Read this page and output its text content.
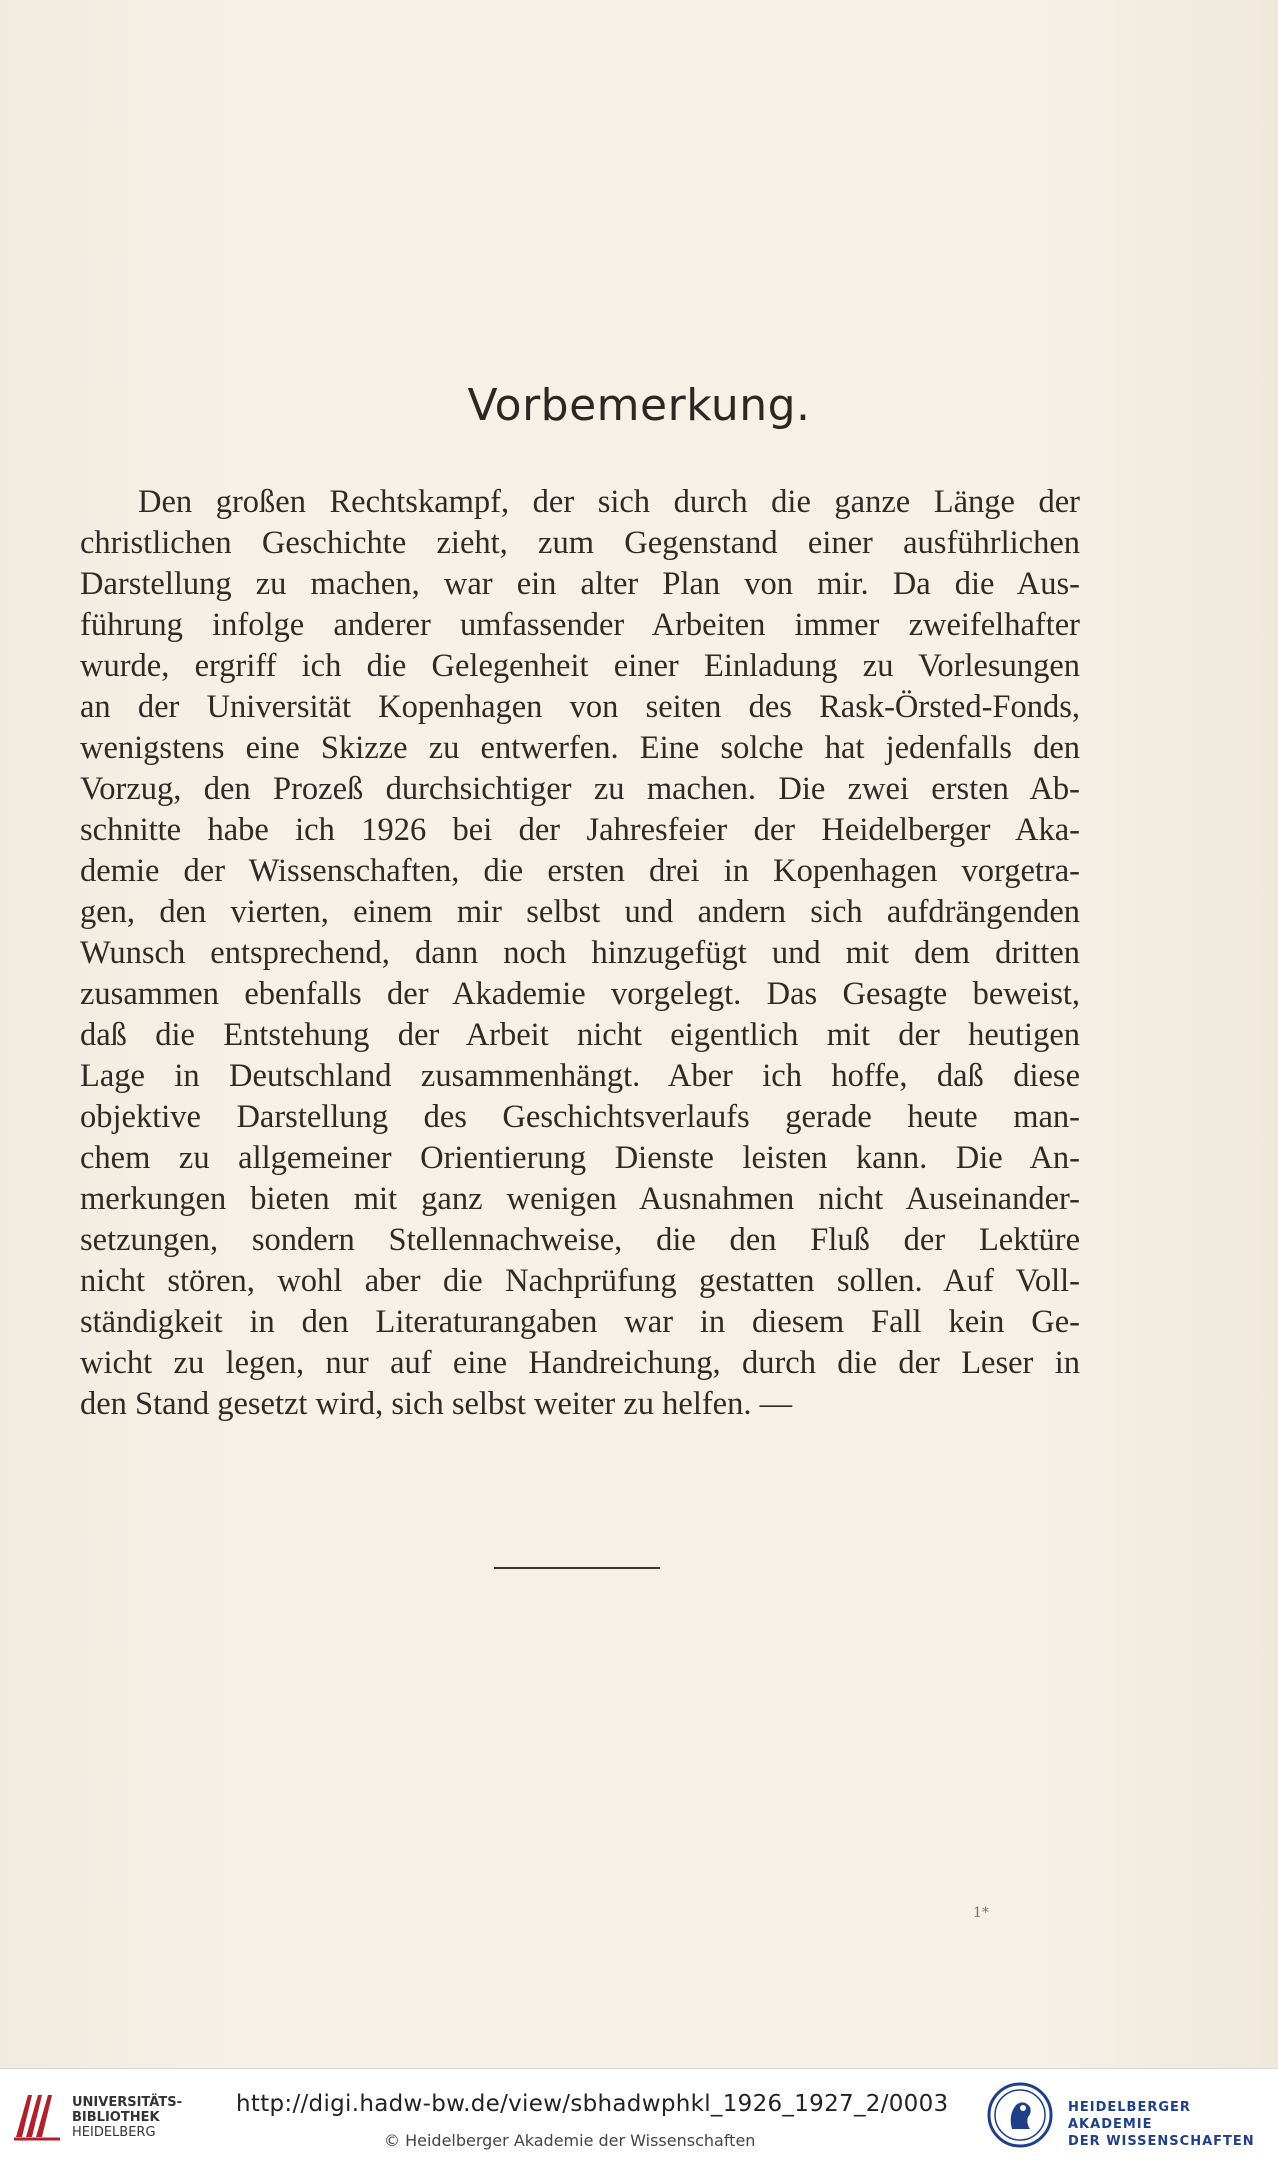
Vorbemerkung.
Den großen Rechtskampf, der sich durch die ganze Länge der
christlichen Geschichte zieht, zum Gegenstand einer ausführlichen
Darstellung zu machen, war ein alter Plan von mir. Da die Aus-
führung infolge anderer umfassender Arbeiten immer zweifelhafter
wurde, ergriff ich die Gelegenheit einer Einladung zu Vorlesungen
an der Universität Kopenhagen von seiten des Rask-Örsted-Fonds,
wenigstens eine Skizze zu entwerfen. Eine solche hat jedenfalls den
Vorzug, den Prozeß durchsichtiger zu machen. Die zwei ersten Ab-
schnitte habe ich 1926 bei der Jahresfeier der Heidelberger Aka-
demie der Wissenschaften, die ersten drei in Kopenhagen vorgetra-
gen, den vierten, einem mir selbst und andern sich aufdrängenden
Wunsch entsprechend, dann noch hinzugefügt und mit dem dritten
zusammen ebenfalls der Akademie vorgelegt. Das Gesagte beweist,
daß die Entstehung der Arbeit nicht eigentlich mit der heutigen
Lage in Deutschland zusammenhängt. Aber ich hoffe, daß diese
objektive Darstellung des Geschichtsverlaufs gerade heute man-
chem zu allgemeiner Orientierung Dienste leisten kann. Die An-
merkungen bieten mit ganz wenigen Ausnahmen nicht Auseinander-
setzungen, sondern Stellennachweise, die den Fluß der Lektüre
nicht stören, wohl aber die Nachprüfung gestatten sollen. Auf Voll-
ständigkeit in den Literaturangaben war in diesem Fall kein Ge-
wicht zu legen, nur auf eine Handreichung, durch die der Leser in
den Stand gesetzt wird, sich selbst weiter zu helfen. —
1*
UNIVERSITÄTS-
BIBLIOTHEK
HEIDELBERG
http://digi.hadw-bw.de/view/sbhadwphkl_1926_1927_2/0003
© Heidelberger Akademie der Wissenschaften
HEIDELBERGER AKADEMIE
DER WISSENSCHAFTEN
